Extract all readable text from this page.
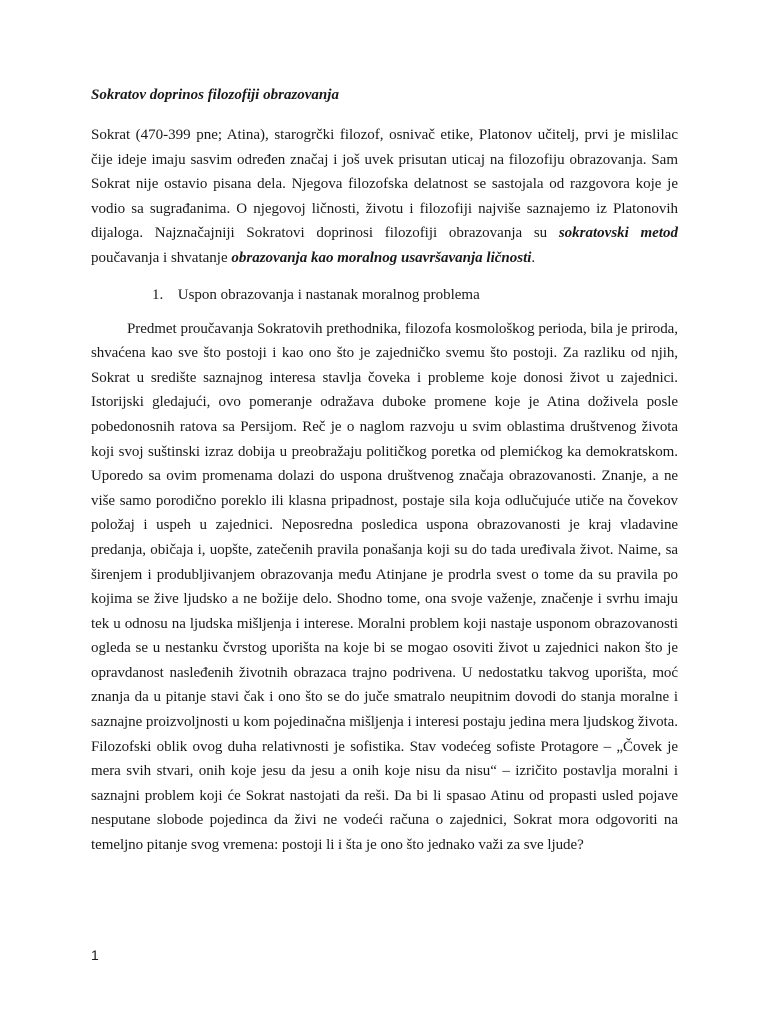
Sokratov doprinos filozofiji obrazovanja

Sokrat (470-399 pne; Atina), starogrčki filozof, osnivač etike, Platonov učitelj, prvi je mislilac čije ideje imaju sasvim određen značaj i još uvek prisutan uticaj na filozofiju obrazovanja. Sam Sokrat nije ostavio pisana dela. Njegova filozofska delatnost se sastojala od razgovora koje je vodio sa sugrađanima. O njegovoj ličnosti, životu i filozofiji najviše saznajemo iz Platonovih dijaloga. Najznačajniji Sokratovi doprinosi filozofiji obrazovanja su sokratovski metod poučavanja i shvatanje obrazovanja kao moralnog usavršavanja ličnosti.

1. Uspon obrazovanja i nastanak moralnog problema

Predmet proučavanja Sokratovih prethodnika, filozofa kosmološkog perioda, bila je priroda, shvaćena kao sve što postoji i kao ono što je zajedničko svemu što postoji. Za razliku od njih, Sokrat u središte saznajnog interesa stavlja čoveka i probleme koje donosi život u zajednici. Istorijski gledajući, ovo pomeranje odražava duboke promene koje je Atina doživela posle pobedonosnih ratova sa Persijom. Reč je o naglom razvoju u svim oblastima društvenog života koji svoj suštinski izraz dobija u preobražaju političkog poretka od plemićkog ka demokratskom. Uporedo sa ovim promenama dolazi do uspona društvenog značaja obrazovanosti. Znanje, a ne više samo porodično poreklo ili klasna pripadnost, postaje sila koja odlučujuće utiče na čovekov položaj i uspeh u zajednici. Neposredna posledica uspona obrazovanosti je kraj vladavine predanja, običaja i, uopšte, zatečenih pravila ponašanja koji su do tada uređivala život. Naime, sa širenjem i produbljivanjem obrazovanja među Atinjane je prodrla svest o tome da su pravila po kojima se žive ljudsko a ne božije delo. Shodno tome, ona svoje važenje, značenje i svrhu imaju tek u odnosu na ljudska mišljenja i interese. Moralni problem koji nastaje usponom obrazovanosti ogleda se u nestanku čvrstog uporišta na koje bi se mogao osoviti život u zajednici nakon što je opravdanost nasleđenih životnih obrazaca trajno podrivena. U nedostatku takvog uporišta, moć znanja da u pitanje stavi čak i ono što se do juče smatralo neupitnim dovodi do stanja moralne i saznajne proizvoljnosti u kom pojedinačna mišljenja i interesi postaju jedina mera ljudskog života. Filozofski oblik ovog duha relativnosti je sofistika. Stav vodećeg sofiste Protagore – „Čovek je mera svih stvari, onih koje jesu da jesu a onih koje nisu da nisu“ – izričito postavlja moralni i saznajni problem koji će Sokrat nastojati da reši. Da bi li spasao Atinu od propasti usled pojave nesputane slobode pojedinca da živi ne vodeći računa o zajednici, Sokrat mora odgovoriti na temeljno pitanje svog vremena: postoji li i šta je ono što jednako važi za sve ljude?

1
